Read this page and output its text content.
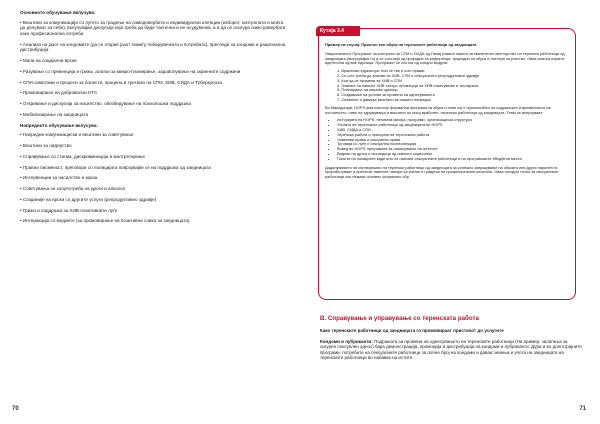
Основното обучување вклучува:
• Вештини за комуникација со луѓето за градење на самодовербата и индивидуални аленции (изборот, контролата и моќта да делуваат за себе), вклучувајќи дискусија која треба да биде тактична и не-осудувачка, а и да се осигура само довербата како професионална потреба
• Анализа на јазот на кондомите (да се открие јазот помеѓу побарувачката и потребата), прегледи за кондоми и рационална дистрибуција
• Мапа на социјални врски
• Разување со превенција и грижа, алатки за микро-планирање, задоволување на скриените содржини
• СПИ симптоми и процеси за болести, процена и третман на СПИ, ХИВ, СИДА и Туберкулоза
• Промовирање на доброволни НТС
• Откривање и дискусија за насилство, обезбедување на психолошка поддршка
• Мобилизирање на заедницата
Напредното обучување вклучува:
• Напредни комуникациски и вештини за советување
• Вештини за лидерство
• Справување со стигма, дискриминација и малтретирање
• Правна писменост, преговори со полицијата поврзувајќи се на поддршка од заедницата
• Интервенции за насилство и криза
• Советувања за злоупотреба на дроги и алкохол
• Созданије на врски со другите услуги (репродуктивно здравје)
• Грижа и поддршка за ХИВ-позитивните луѓе
• Интеракција со медиите (за промовирање на позитивна слика за заедницата)
70
Пример на случај: Пристоп кон обука на теренските работници од заедницата

Националниот Програмот за контрола на СПИ и СИДА од Ниниј развил пакетa за квалитетно менторство на теренски работници од заедницата (вклучувајќи ги) и се состоеја од природни за референци, природни за обука и литтера за учество. Оваа алатка нормти идентична од вие единици. Програмот се состои од следни модули:

1. Вршнички едукатори: Кои се тие и што прават
2. Се што треба да знаеме за ХИВ, СПИ и сексуалното репродуктивно здравје
3. Кои од се промени за ХИВ и СПИ
4. Знаење на нашиот ХИВ статус: промоција на ХИВ советување и тестирање
5. Планирање на нашата одговор
6. Создавање на услови за промена на однесувањето
7. Снажење и давање вештини за нашиот напредок

Во Македонија, НОРЅ има поклону формална програма за обука и план кој е приспособен на содржините и временското на постоењето, ниво на здружувања и вештини за секој вработен, теренски работници од заедницата. Теми се вклучуваат:

• Историјата на НОРЅ, неговата мисија, програми, организациска структура
• Улогата на теренските работници од заедницата во НОРЅ
• ХИВ, СИДА и СПИ
• Теренска работа и принципи на теренската работа
• Човекови права и сексуална права
• Трговија со луѓе и сексуална експлоатација
• Вовед во НОРЅ програмата за намалување на штетите
• Видови на дроги и последици од нивното користење
• Полити на локациите каде што се наоѓаат сексуалните работници и на програмските ббедбени места

Дадалувањето на сертификати на теренски работници од заедницата за успешно завршување на обуката или други нарален ги проработуваат и пренесат нивните напори за учење и градење на професионални вештини. Оваа погодно точно за сексуалните работници кои немаат основно формално обр

Кутија 3.4
В. Справување и управување со теренската работа

Како теренските работници од заедницата го промовираат пристапот до услугите

Кондоми и лубриканти: Подршката за промена на однесувањето на теренските работници (На пример, залагања за сигурен сексуален однос) бара демонстрација, промоција и дистрибуција на кондоми и лубриканти. Дури и во долготрајните програми, потребите на сексуалните работници за попне број на кондоми и даваа знаења и упота на заедницата на теренските работници во набавка на истите.

71
